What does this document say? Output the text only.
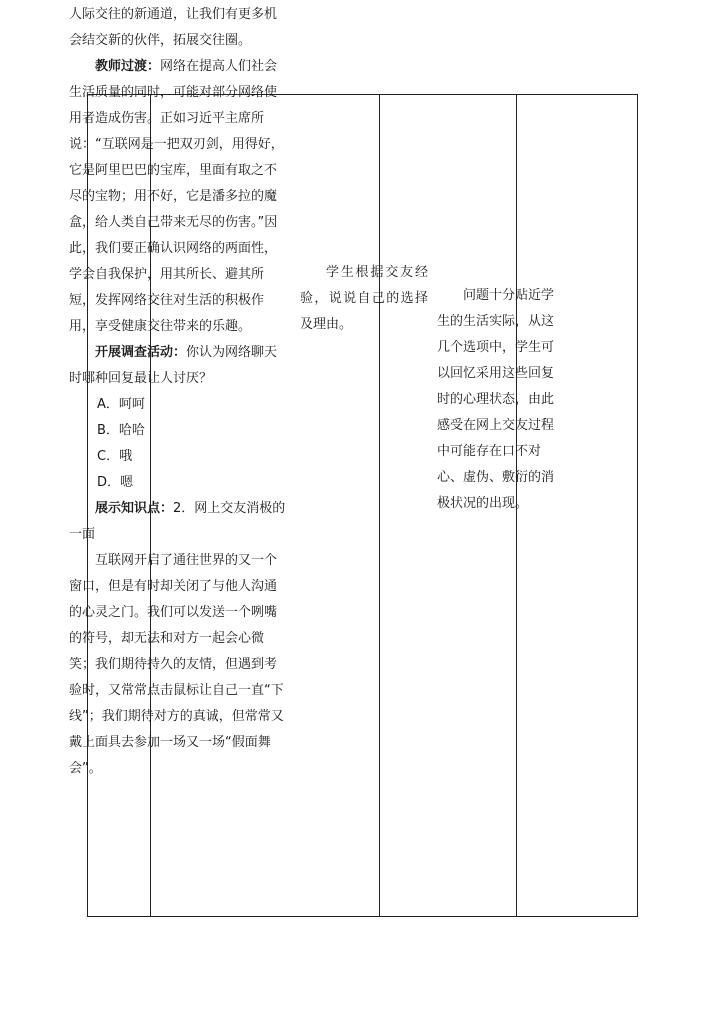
人际交往的新通道，让我们有更多机会结交新的伙伴，拓展交往圈。

教师过渡：网络在提高人们社会生活质量的同时，可能对部分网络使用者造成伤害。正如习近平主席所说：“互联网是一把双刃剑，用得好，它是阿里巴巴的宝库，里面有取之不尽的宝物；用不好，它是潘多拉的魔盒，给人类自己带来无尽的伤害。”因此，我们要正确认识网络的两面性，学会自我保护，用其所长、避其所短，发挥网络交往对生活的积极作用，享受健康交往带来的乐趣。

开展调查活动：你认为网络聊天时哪种回复最让人讨厌？

A．呵呵

B．哈哈

C．哦

D．嗯

展示知识点：2．网上交友消极的一面

互联网开启了通往世界的又一个窗口，但是有时却关闭了与他人沟通的心灵之门。我们可以发送一个咧嘴的符号，却无法和对方一起会心微笑；我们期待持久的友情，但遇到考验时，又常常点击鼠标让自己一直“下线”；我们期待对方的真诚，但常常又戴上面具去参加一场又一场“假面舞会”。

学生根据交友经验，说说自己的选择及理由。

问题十分贴近学生的生活实际，从这几个选项中，学生可以回忆采用这些回复时的心理状态，由此感受在网上交友过程中可能存在口不对心、虚伪、敷衍的消极状况的出现。
